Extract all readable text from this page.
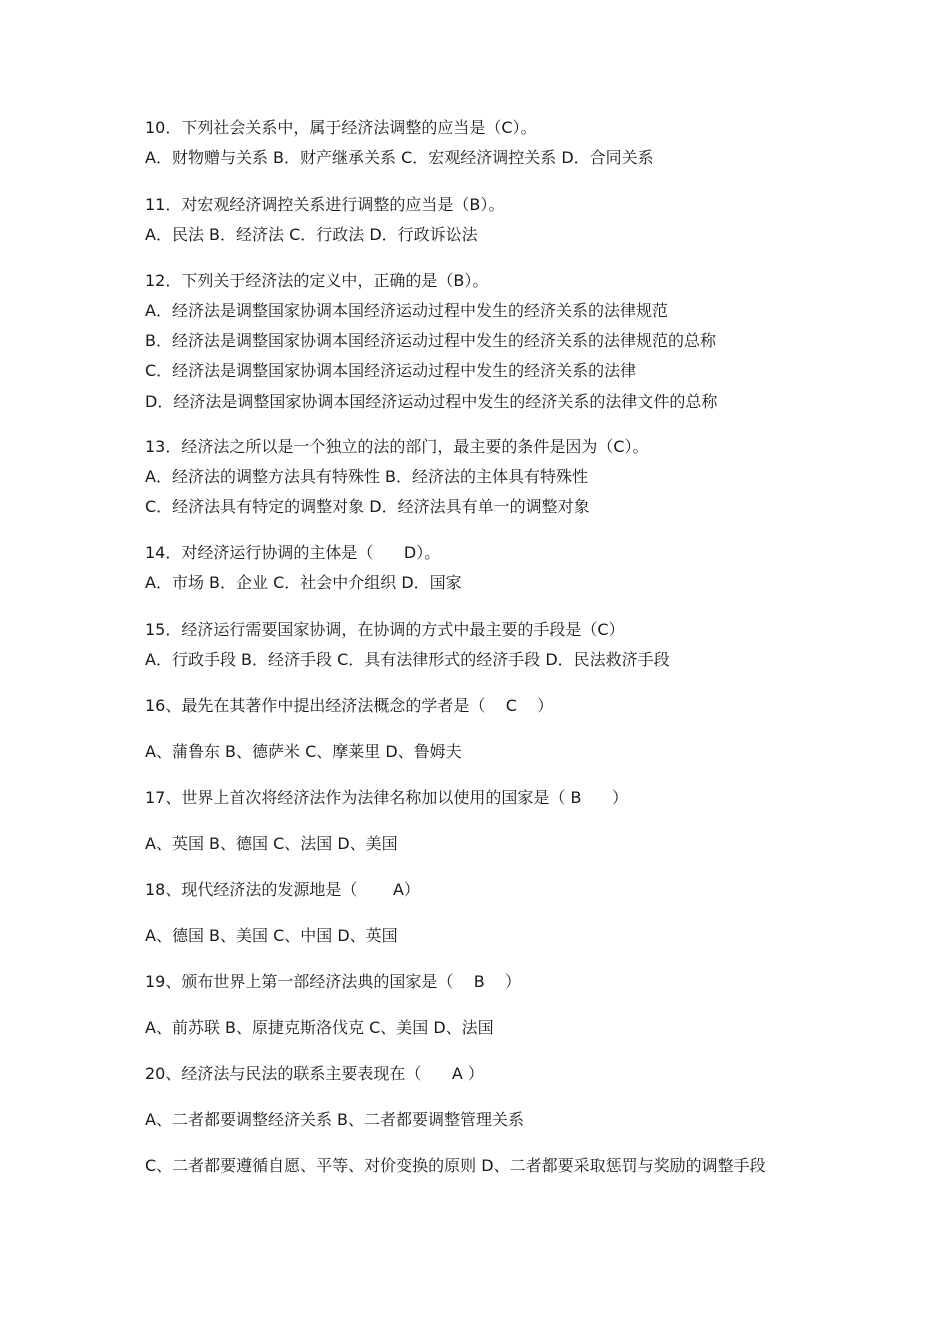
10．下列社会关系中，属于经济法调整的应当是（C）。
A．财物赠与关系 B．财产继承关系 C．宏观经济调控关系 D．合同关系
11．对宏观经济调控关系进行调整的应当是（B）。
A．民法 B．经济法 C．行政法 D．行政诉讼法
12．下列关于经济法的定义中，正确的是（B）。
A．经济法是调整国家协调本国经济运动过程中发生的经济关系的法律规范
B．经济法是调整国家协调本国经济运动过程中发生的经济关系的法律规范的总称
C．经济法是调整国家协调本国经济运动过程中发生的经济关系的法律
D．经济法是调整国家协调本国经济运动过程中发生的经济关系的法律文件的总称
13．经济法之所以是一个独立的法的部门，最主要的条件是因为（C）。
A．经济法的调整方法具有特殊性 B．经济法的主体具有特殊性
C．经济法具有特定的调整对象 D．经济法具有单一的调整对象
14．对经济运行协调的主体是（      D）。
A．市场 B．企业 C．社会中介组织 D．国家
15．经济运行需要国家协调，在协调的方式中最主要的手段是（C）
A．行政手段 B．经济手段 C．具有法律形式的经济手段 D．民法救济手段
16、最先在其著作中提出经济法概念的学者是（    C    ）
A、蒲鲁东 B、德萨米 C、摩莱里 D、鲁姆夫
17、世界上首次将经济法作为法律名称加以使用的国家是（ B      ）
A、英国 B、德国 C、法国 D、美国
18、现代经济法的发源地是（       A）
A、德国 B、美国 C、中国 D、英国
19、颁布世界上第一部经济法典的国家是（    B    ）
A、前苏联 B、原捷克斯洛伐克 C、美国 D、法国
20、经济法与民法的联系主要表现在（      A ）
A、二者都要调整经济关系 B、二者都要调整管理关系
C、二者都要遵循自愿、平等、对价变换的原则 D、二者都要采取惩罚与奖励的调整手段
